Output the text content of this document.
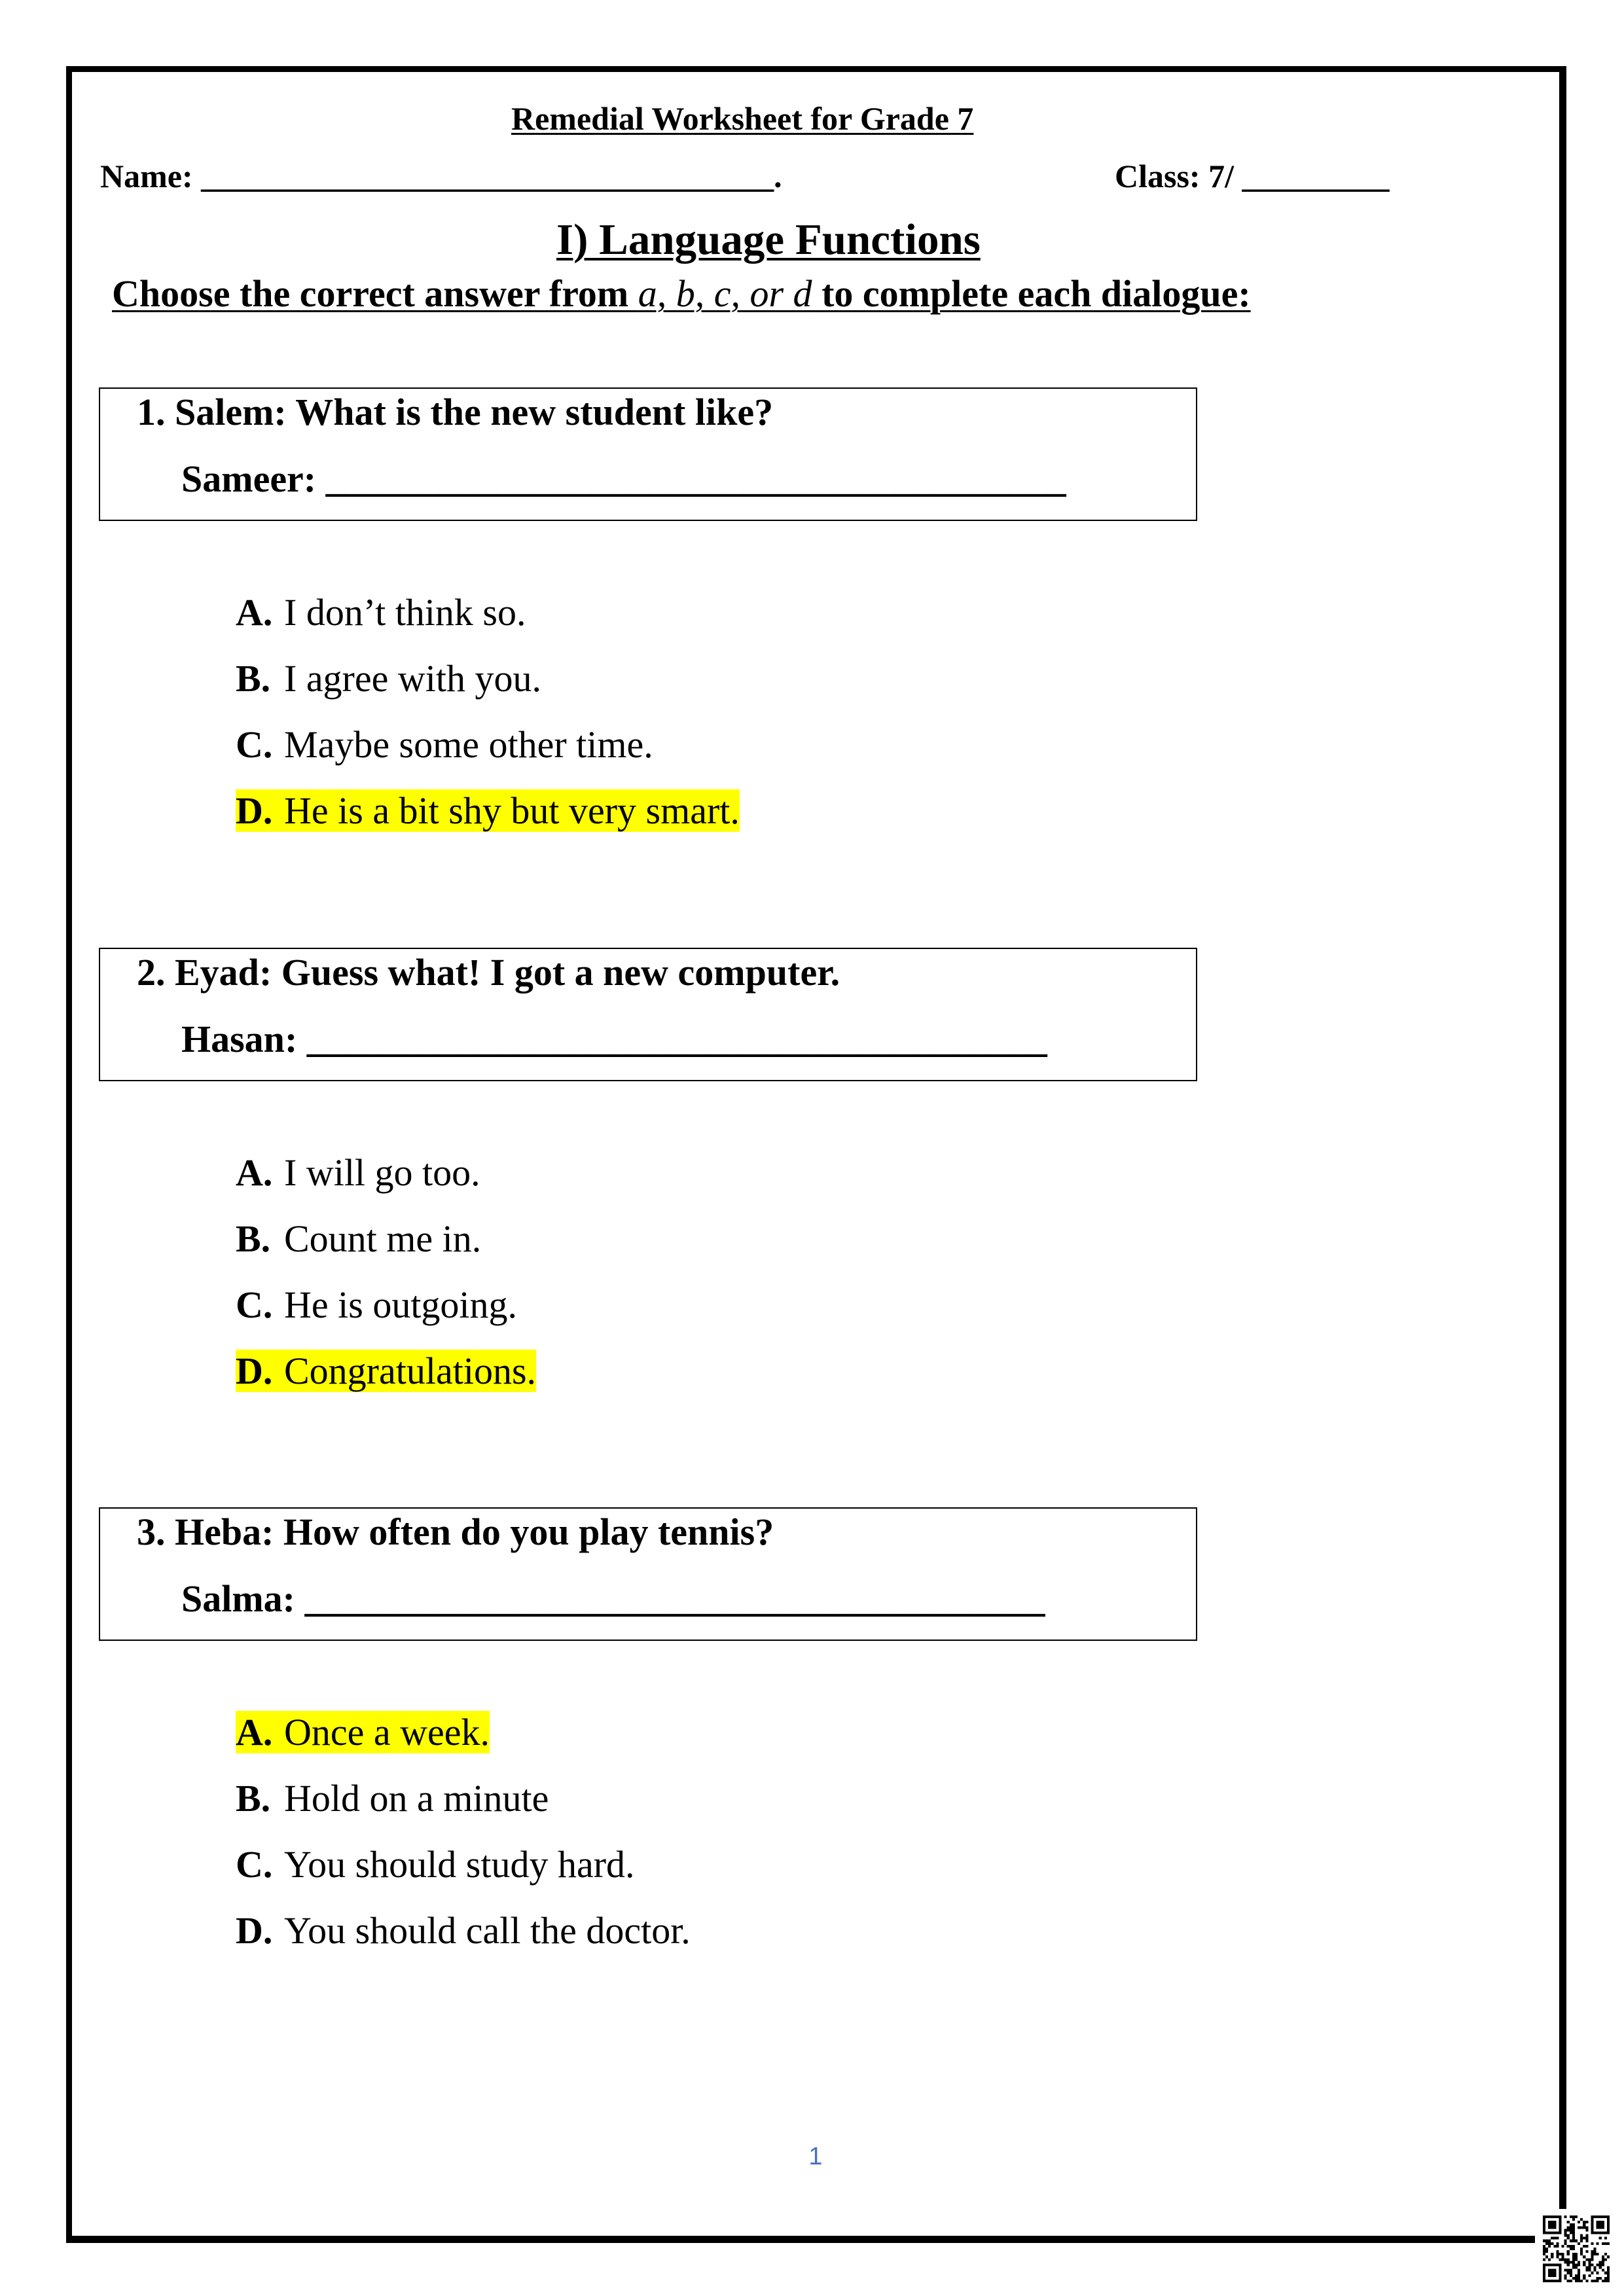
Remedial Worksheet for Grade 7
Name: ___________________________________.	Class: 7/ _________
I) Language Functions
Choose the correct answer from a, b, c, or d to complete each dialogue:
1. Salem: What is the new student like?
Sameer: _______________________________________
A. I don’t think so.
B. I agree with you.
C. Maybe some other time.
D. He is a bit shy but very smart.
2. Eyad: Guess what! I got a new computer.
Hasan: _______________________________________
A. I will go too.
B. Count me in.
C. He is outgoing.
D. Congratulations.
3. Heba: How often do you play tennis?
Salma: _______________________________________
A. Once a week.
B. Hold on a minute
C. You should study hard.
D. You should call the doctor.
1
